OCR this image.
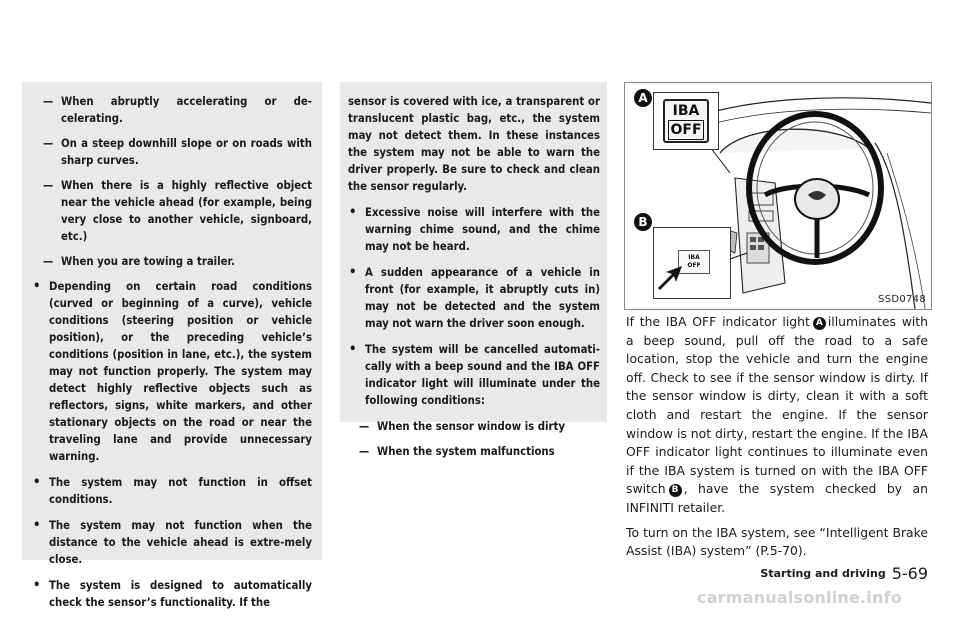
— When abruptly accelerating or de-celerating.
— On a steep downhill slope or on roads with sharp curves.
— When there is a highly reflective object near the vehicle ahead (for example, being very close to another vehicle, signboard, etc.)
— When you are towing a trailer.
• Depending on certain road conditions (curved or beginning of a curve), vehicle conditions (steering position or vehicle position), or the preceding vehicle’s conditions (position in lane, etc.), the system may not function properly. The system may detect highly reflective objects such as reflectors, signs, white markers, and other stationary objects on the road or near the traveling lane and provide unnecessary warning.
• The system may not function in offset conditions.
• The system may not function when the distance to the vehicle ahead is extre-mely close.
• The system is designed to automatically check the sensor’s functionality. If the

sensor is covered with ice, a transparent or translucent plastic bag, etc., the system may not detect them. In these instances the system may not be able to warn the driver properly. Be sure to check and clean the sensor regularly.

• Excessive noise will interfere with the warning chime sound, and the chime may not be heard.
• A sudden appearance of a vehicle in front (for example, it abruptly cuts in) may not be detected and the system may not warn the driver soon enough.
• The system will be cancelled automati-cally with a beep sound and the IBA OFF indicator light will illuminate under the following conditions:
— When the sensor window is dirty
— When the system malfunctions
IBA
OFF
A
IBA
OFF
B
SSD0748

If the IBA OFF indicator light A illuminates with a beep sound, pull off the road to a safe location, stop the vehicle and turn the engine off. Check to see if the sensor window is dirty. If the sensor window is dirty, clean it with a soft cloth and restart the engine. If the sensor window is not dirty, restart the engine. If the IBA OFF indicator light continues to illuminate even if the IBA system is turned on with the IBA OFF switch B , have the system checked by an INFINITI retailer.

To turn on the IBA system, see “Intelligent Brake Assist (IBA) system” (P.5-70).

Starting and driving 5-69
carmanualsonline.info
